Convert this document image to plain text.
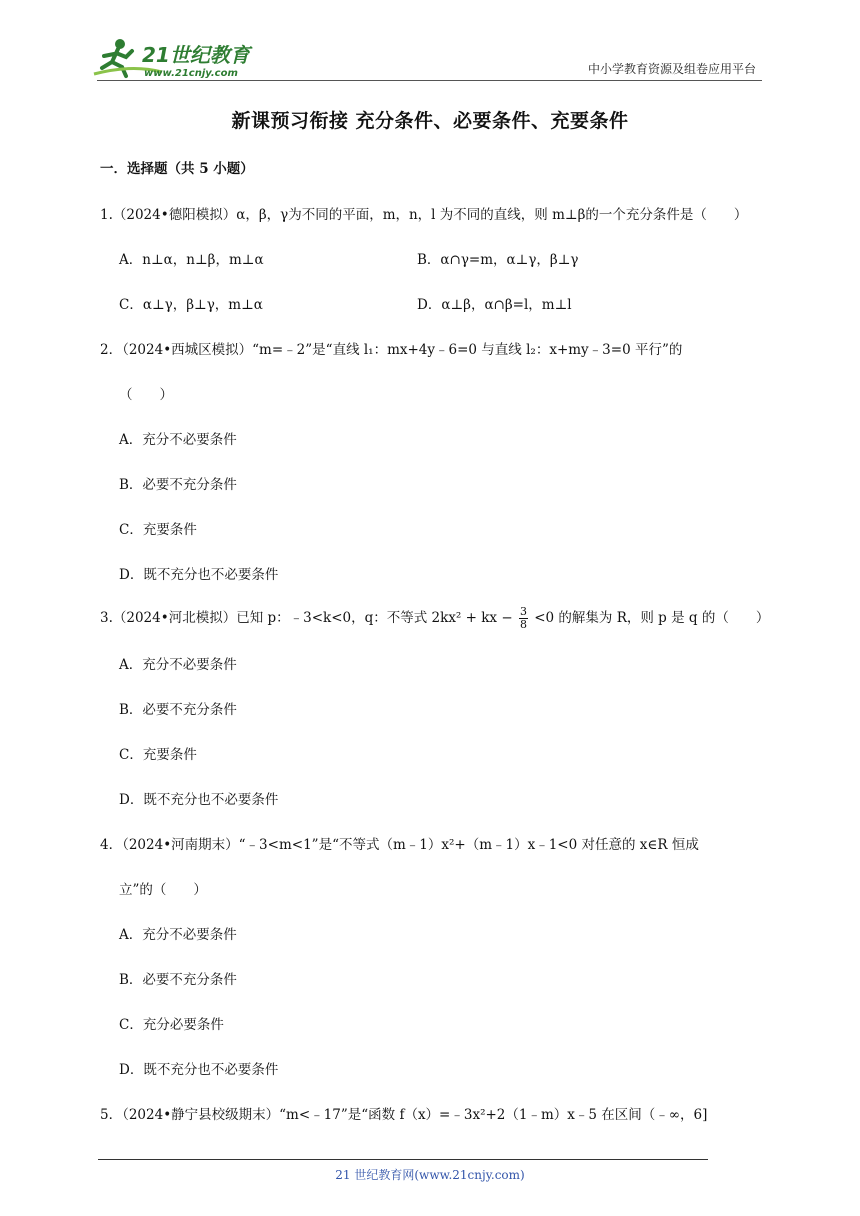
21世纪教育
www.21cnjy.com	中小学教育资源及组卷应用平台
新课预习衔接 充分条件、必要条件、充要条件
一．选择题（共 5 小题）
1.（2024•德阳模拟）α，β，γ为不同的平面，m，n，l 为不同的直线，则 m⊥β的一个充分条件是（　　）
A．n⊥α，n⊥β，m⊥α	B．α∩γ=m，α⊥γ，β⊥γ
C．α⊥γ，β⊥γ，m⊥α	D．α⊥β，α∩β=l，m⊥l
2．（2024•西城区模拟）“m=﹣2”是“直线 l₁：mx+4y﹣6=0 与直线 l₂：x+my﹣3=0 平行”的
（　　）
A．充分不必要条件
B．必要不充分条件
C．充要条件
D．既不充分也不必要条件
3.（2024•河北模拟）已知 p：﹣3<k<0，q：不等式 2kx² + kx − $\frac{3}{8} <0$ 的解集为 R，则 p 是 q 的（　　）
A．充分不必要条件
B．必要不充分条件
C．充要条件
D．既不充分也不必要条件
4．（2024•河南期末）“﹣3<m<1”是“不等式（m﹣1）x²+（m﹣1）x﹣1<0 对任意的 x∈R 恒成
立”的（　　）
A．充分不必要条件
B．必要不充分条件
C．充分必要条件
D．既不充分也不必要条件
5．（2024•静宁县校级期末）“m<﹣17”是“函数 f（x）=﹣3x²+2（1﹣m）x﹣5 在区间（﹣∞，6]
21 世纪教育网(www.21cnjy.com)
